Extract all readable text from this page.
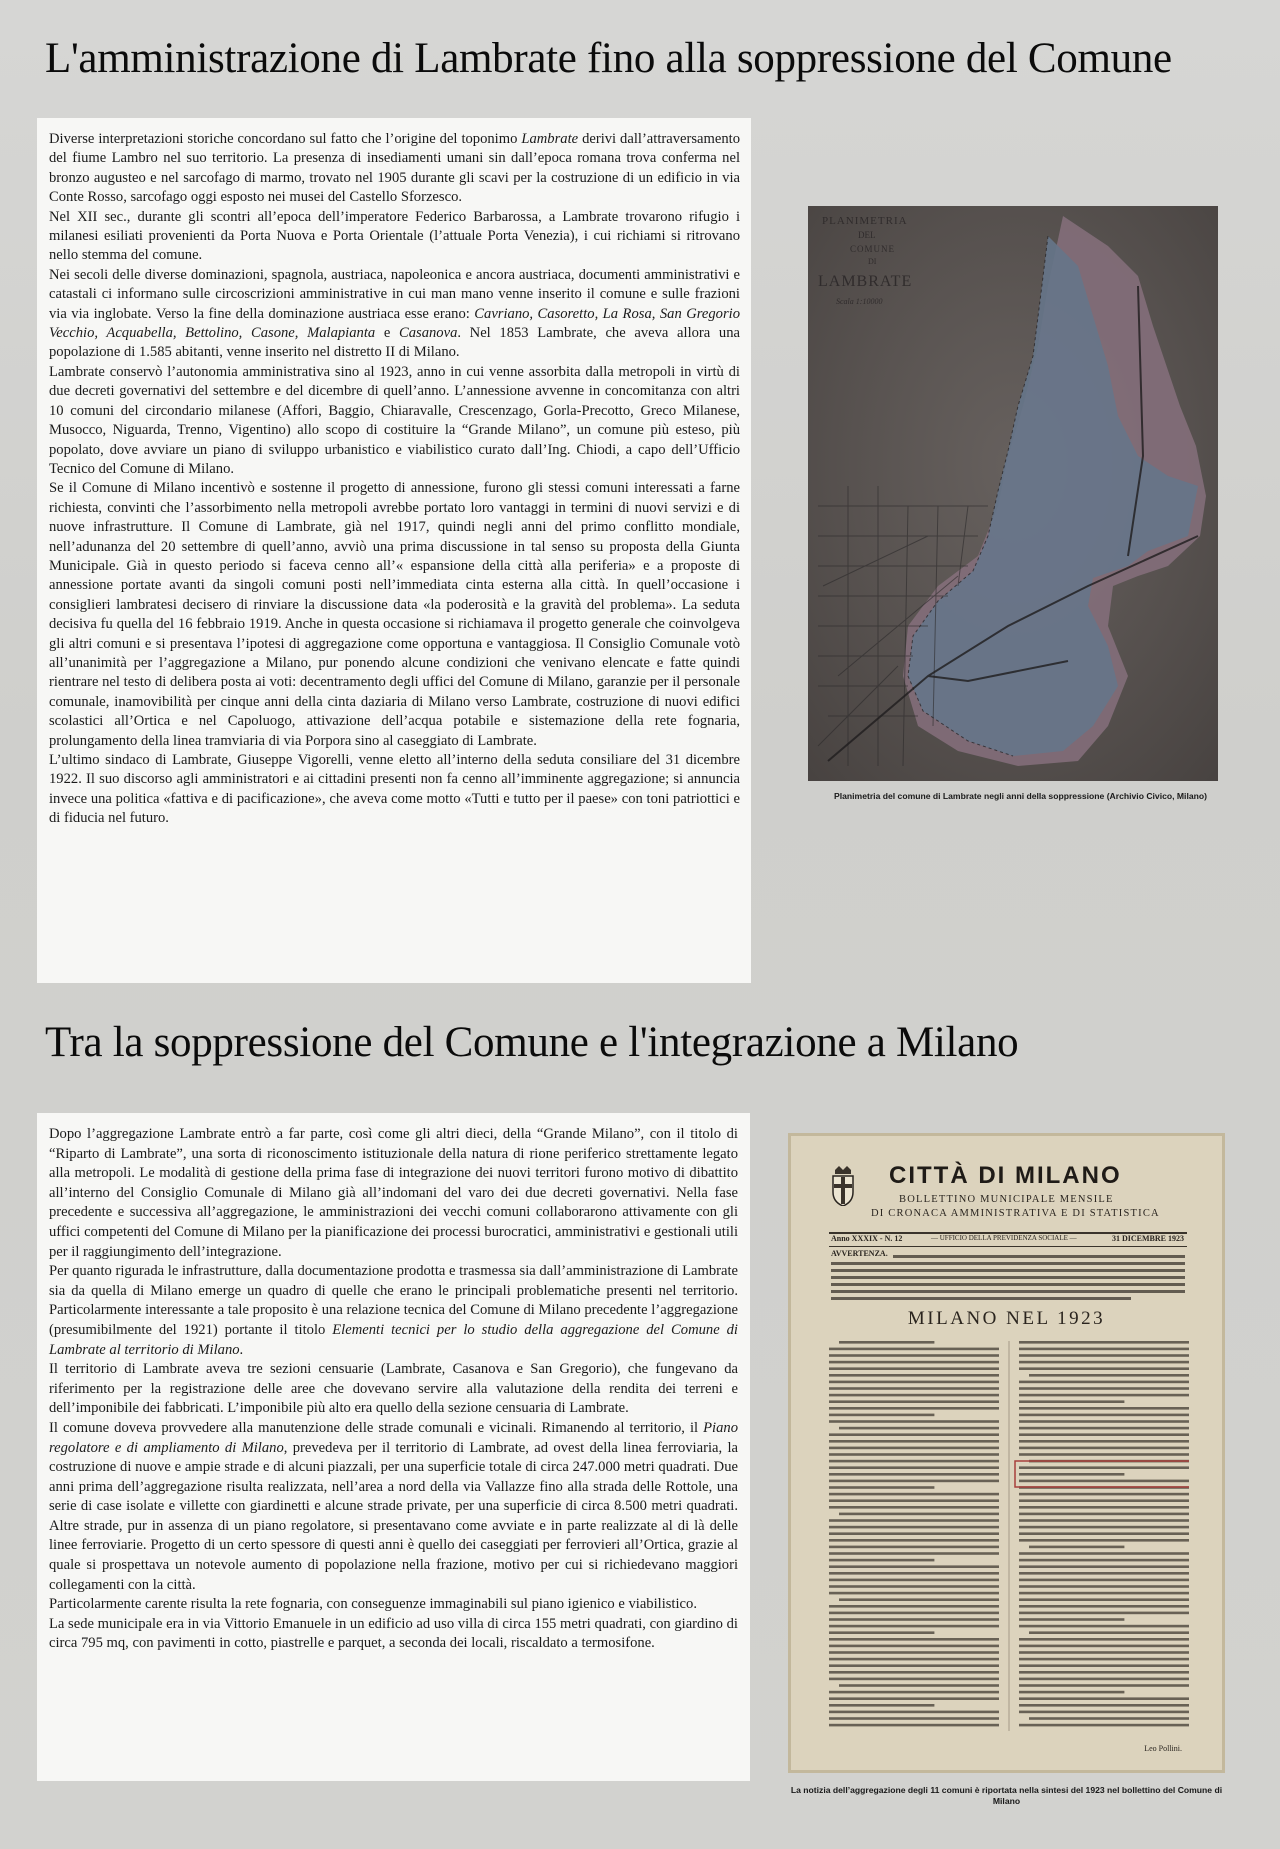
L'amministrazione di Lambrate fino alla soppressione del Comune

Diverse interpretazioni storiche concordano sul fatto che l’origine del toponimo Lambrate derivi dall’attraversamento del fiume Lambro nel suo territorio. La presenza di insediamenti umani sin dall’epoca romana trova conferma nel bronzo augusteo e nel sarcofago di marmo, trovato nel 1905 durante gli scavi per la costruzione di un edificio in via Conte Rosso, sarcofago oggi esposto nei musei del Castello Sforzesco.

Nel XII sec., durante gli scontri all’epoca dell’imperatore Federico Barbarossa, a Lambrate trovarono rifugio i milanesi esiliati provenienti da Porta Nuova e Porta Orientale (l’attuale Porta Venezia), i cui richiami si ritrovano nello stemma del comune.

Nei secoli delle diverse dominazioni, spagnola, austriaca, napoleonica e ancora austriaca, documenti amministrativi e catastali ci informano sulle circoscrizioni amministrative in cui man mano venne inserito il comune e sulle frazioni via via inglobate. Verso la fine della dominazione austriaca esse erano: Cavriano, Casoretto, La Rosa, San Gregorio Vecchio, Acquabella, Bettolino, Casone, Malapianta e Casanova. Nel 1853 Lambrate, che aveva allora una popolazione di 1.585 abitanti, venne inserito nel distretto II di Milano.

Lambrate conservò l’autonomia amministrativa sino al 1923, anno in cui venne assorbita dalla metropoli in virtù di due decreti governativi del settembre e del dicembre di quell’anno. L’annessione avvenne in concomitanza con altri 10 comuni del circondario milanese (Affori, Baggio, Chiaravalle, Crescenzago, Gorla-Precotto, Greco Milanese, Musocco, Niguarda, Trenno, Vigentino) allo scopo di costituire la “Grande Milano”, un comune più esteso, più popolato, dove avviare un piano di sviluppo urbanistico e viabilistico curato dall’Ing. Chiodi, a capo dell’Ufficio Tecnico del Comune di Milano.

Se il Comune di Milano incentivò e sostenne il progetto di annessione, furono gli stessi comuni interessati a farne richiesta, convinti che l’assorbimento nella metropoli avrebbe portato loro vantaggi in termini di nuovi servizi e di nuove infrastrutture. Il Comune di Lambrate, già nel 1917, quindi negli anni del primo conflitto mondiale, nell’adunanza del 20 settembre di quell’anno, avviò una prima discussione in tal senso su proposta della Giunta Municipale. Già in questo periodo si faceva cenno all’« espansione della città alla periferia» e a proposte di annessione portate avanti da singoli comuni posti nell’immediata cinta esterna alla città. In quell’occasione i consiglieri lambratesi decisero di rinviare la discussione data «la poderosità e la gravità del problema». La seduta decisiva fu quella del 16 febbraio 1919. Anche in questa occasione si richiamava il progetto generale che coinvolgeva gli altri comuni e si presentava l’ipotesi di aggregazione come opportuna e vantaggiosa. Il Consiglio Comunale votò all’unanimità per l’aggregazione a Milano, pur ponendo alcune condizioni che venivano elencate e fatte quindi rientrare nel testo di delibera posta ai voti: decentramento degli uffici del Comune di Milano, garanzie per il personale comunale, inamovibilità per cinque anni della cinta daziaria di Milano verso Lambrate, costruzione di nuovi edifici scolastici all’Ortica e nel Capoluogo, attivazione dell’acqua potabile e sistemazione della rete fognaria, prolungamento della linea tramviaria di via Porpora sino al caseggiato di Lambrate.

L’ultimo sindaco di Lambrate, Giuseppe Vigorelli, venne eletto all’interno della seduta consiliare del 31 dicembre 1922. Il suo discorso agli amministratori e ai cittadini presenti non fa cenno all’imminente aggregazione; si annuncia invece una politica «fattiva e di pacificazione», che aveva come motto «Tutti e tutto per il paese» con toni patriottici e di fiducia nel futuro.

PLANIMETRIA
DEL
COMUNE
DI
LAMBRATE
Scala 1:10000
Planimetria del comune di Lambrate negli anni della soppressione (Archivio Civico, Milano)
Tra la soppressione del Comune e l'integrazione a Milano

Dopo l’aggregazione Lambrate entrò a far parte, così come gli altri dieci, della “Grande Milano”, con il titolo di “Riparto di Lambrate”, una sorta di riconoscimento istituzionale della natura di rione periferico strettamente legato alla metropoli. Le modalità di gestione della prima fase di integrazione dei nuovi territori furono motivo di dibattito all’interno del Consiglio Comunale di Milano già all’indomani del varo dei due decreti governativi. Nella fase precedente e successiva all’aggregazione, le amministrazioni dei vecchi comuni collaborarono attivamente con gli uffici competenti del Comune di Milano per la pianificazione dei processi burocratici, amministrativi e gestionali utili per il raggiungimento dell’integrazione.

Per quanto rigurada le infrastrutture, dalla documentazione prodotta e trasmessa sia dall’amministrazione di Lambrate sia da quella di Milano emerge un quadro di quelle che erano le principali problematiche presenti nel territorio. Particolarmente interessante a tale proposito è una relazione tecnica del Comune di Milano precedente l’aggregazione (presumibilmente del 1921) portante il titolo Elementi tecnici per lo studio della aggregazione del Comune di Lambrate al territorio di Milano.

Il territorio di Lambrate aveva tre sezioni censuarie (Lambrate, Casanova e San Gregorio), che fungevano da riferimento per la registrazione delle aree che dovevano servire alla valutazione della rendita dei terreni e dell’imponibile dei fabbricati. L’imponibile più alto era quello della sezione censuaria di Lambrate.

Il comune doveva provvedere alla manutenzione delle strade comunali e vicinali. Rimanendo al territorio, il Piano regolatore e di ampliamento di Milano, prevedeva per il territorio di Lambrate, ad ovest della linea ferroviaria, la costruzione di nuove e ampie strade e di alcuni piazzali, per una superficie totale di circa 247.000 metri quadrati. Due anni prima dell’aggregazione risulta realizzata, nell’area a nord della via Vallazze fino alla strada delle Rottole, una serie di case isolate e villette con giardinetti e alcune strade private, per una superficie di circa 8.500 metri quadrati. Altre strade, pur in assenza di un piano regolatore, si presentavano come avviate e in parte realizzate al di là delle linee ferroviarie. Progetto di un certo spessore di questi anni è quello dei caseggiati per ferrovieri all’Ortica, grazie al quale si prospettava un notevole aumento di popolazione nella frazione, motivo per cui si richiedevano maggiori collegamenti con la città.

Particolarmente carente risulta la rete fognaria, con conseguenze immaginabili sul piano igienico e viabilistico.

La sede municipale era in via Vittorio Emanuele in un edificio ad uso villa di circa 155 metri quadrati, con giardino di circa 795 mq, con pavimenti in cotto, piastrelle e parquet, a seconda dei locali, riscaldato a termosifone.

CITTÀ DI MILANO
BOLLETTINO MUNICIPALE MENSILE
DI CRONACA AMMINISTRATIVA E DI STATISTICA
Anno XXXIX - N. 12	— UFFICIO DELLA PREVIDENZA SOCIALE —	31 DICEMBRE 1923
AVVERTENZA.
MILANO NEL 1923
Leo Pollini.
La notizia dell’aggregazione degli 11 comuni è riportata nella sintesi del 1923 nel bollettino del Comune di Milano
